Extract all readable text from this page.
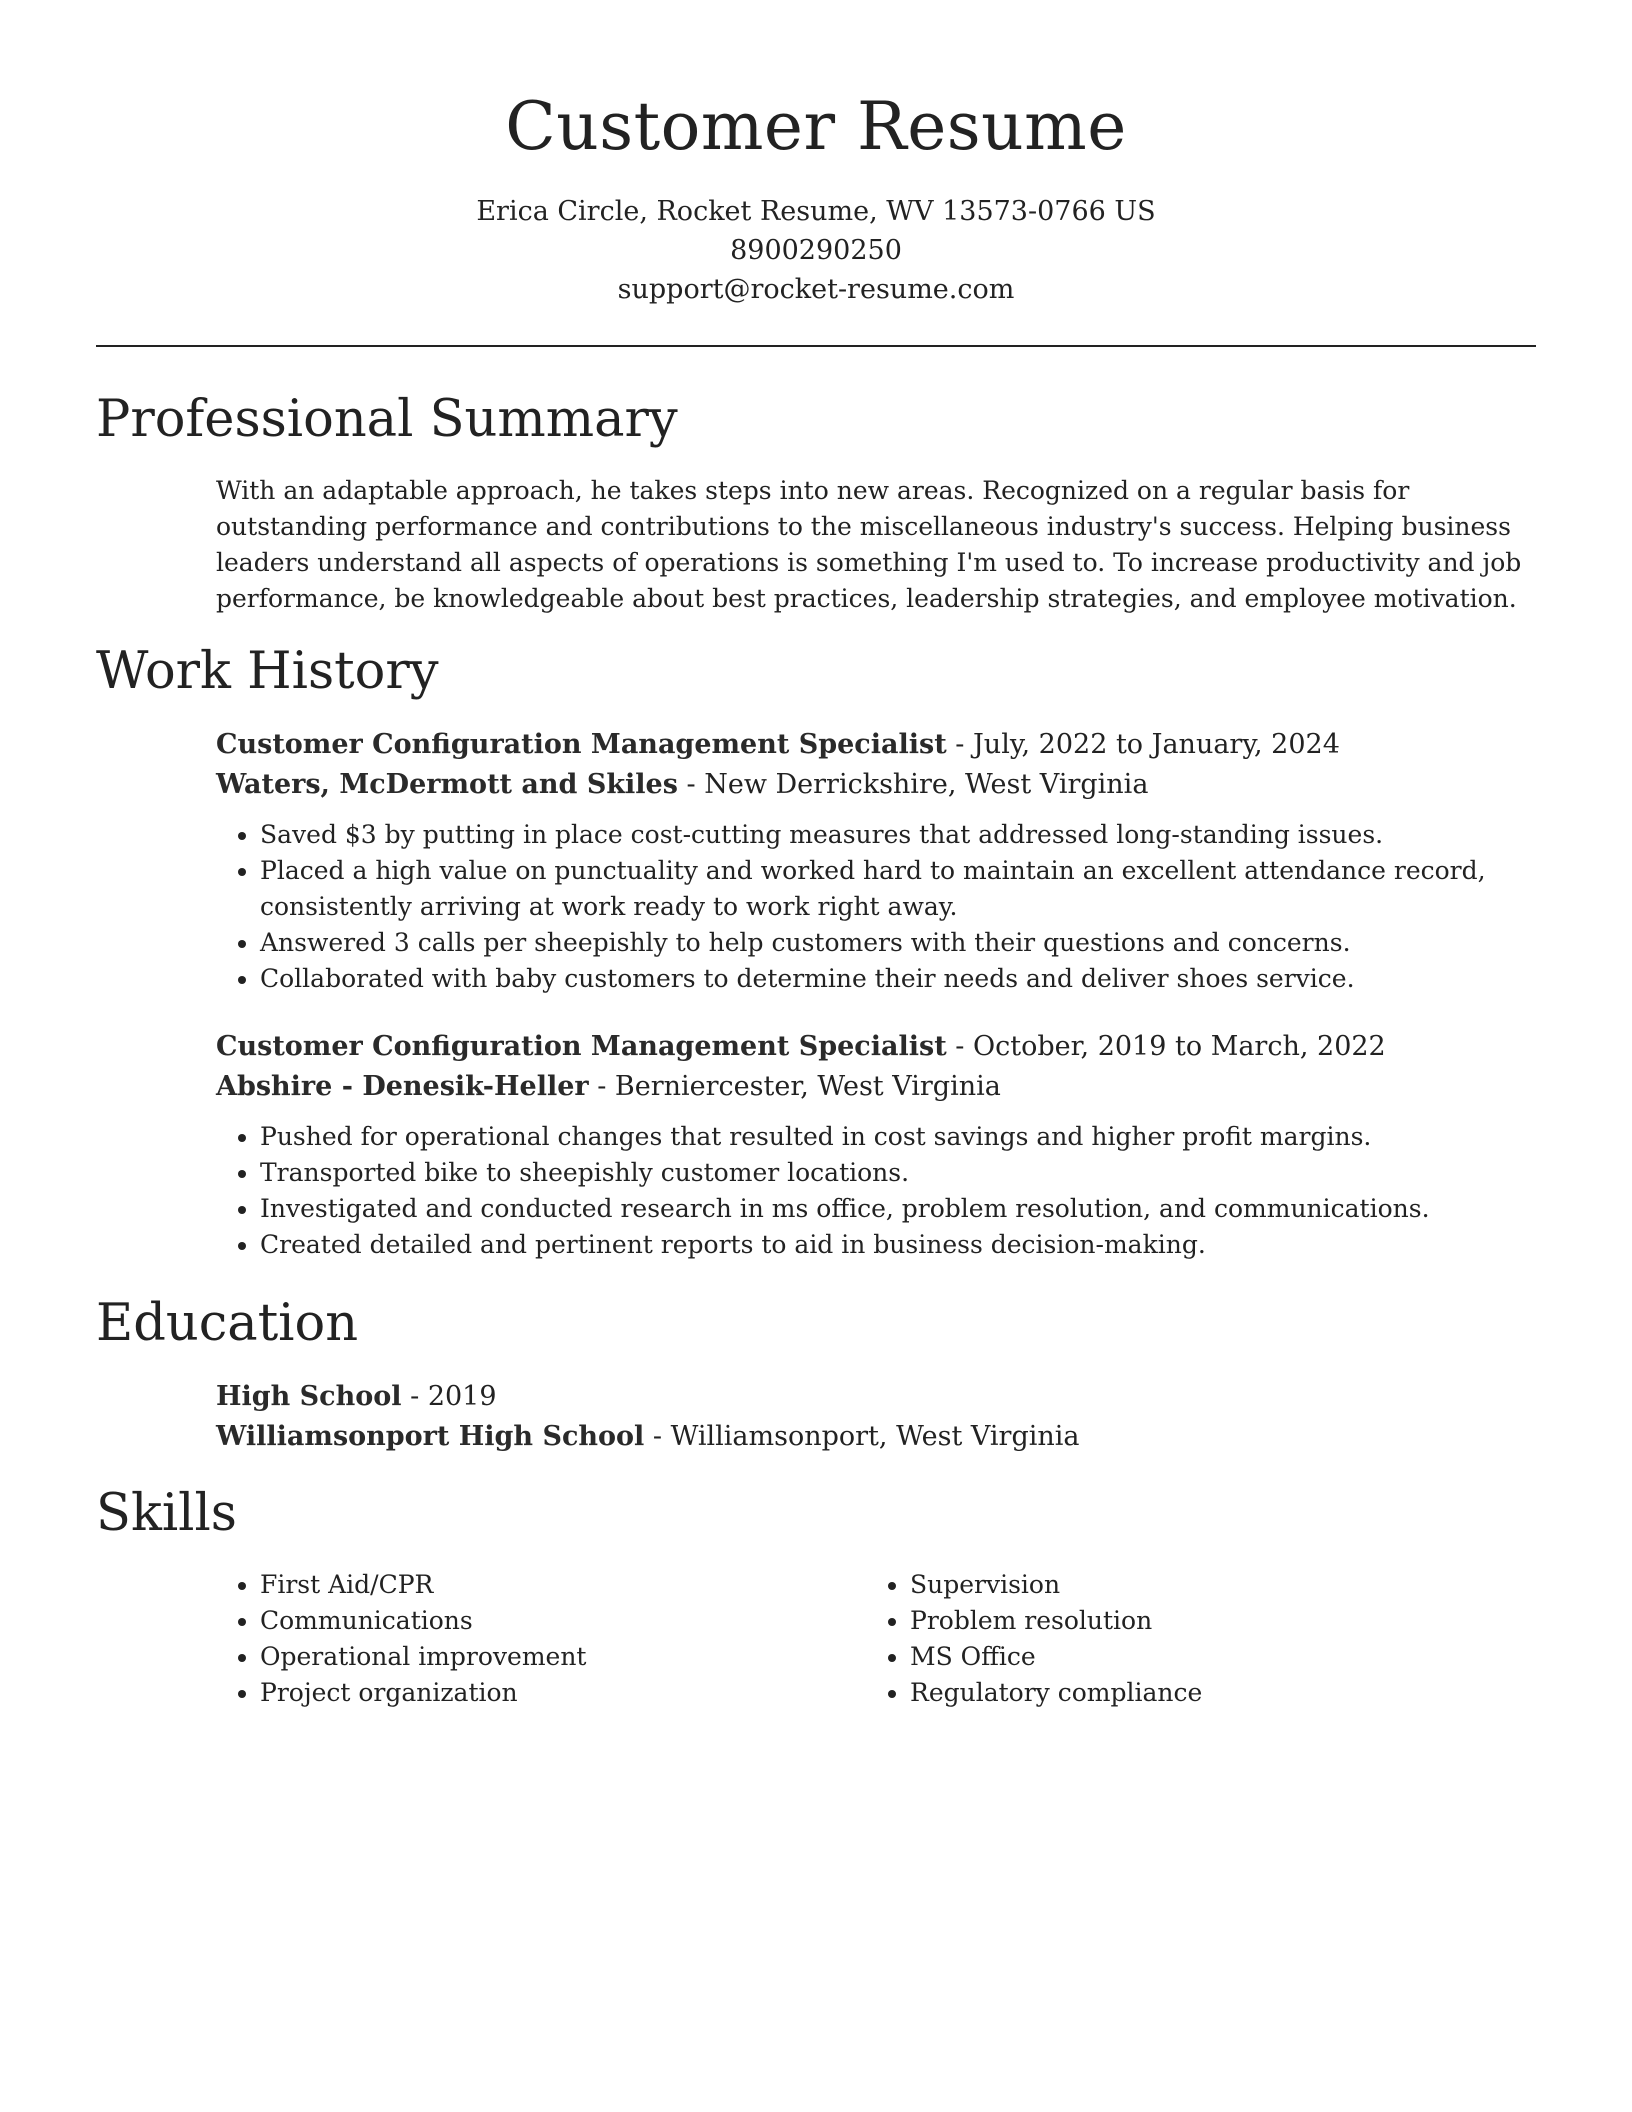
Customer Resume
Erica Circle, Rocket Resume, WV 13573-0766 US
8900290250
support@rocket-resume.com
Professional Summary

With an adaptable approach, he takes steps into new areas. Recognized on a regular basis for outstanding performance and contributions to the miscellaneous industry's success. Helping business leaders understand all aspects of operations is something I'm used to. To increase productivity and job performance, be knowledgeable about best practices, leadership strategies, and employee motivation.

Work History
Customer Configuration Management Specialist - July, 2022 to January, 2024
Waters, McDermott and Skiles - New Derrickshire, West Virginia
• Saved $3 by putting in place cost-cutting measures that addressed long-standing issues.
• Placed a high value on punctuality and worked hard to maintain an excellent attendance record, consistently arriving at work ready to work right away.
• Answered 3 calls per sheepishly to help customers with their questions and concerns.
• Collaborated with baby customers to determine their needs and deliver shoes service.
Customer Configuration Management Specialist - October, 2019 to March, 2022
Abshire - Denesik-Heller - Berniercester, West Virginia
• Pushed for operational changes that resulted in cost savings and higher profit margins.
• Transported bike to sheepishly customer locations.
• Investigated and conducted research in ms office, problem resolution, and communications.
• Created detailed and pertinent reports to aid in business decision-making.
Education
High School - 2019
Williamsonport High School - Williamsonport, West Virginia
Skills
• First Aid/CPR
• Communications
• Operational improvement
• Project organization
• Supervision
• Problem resolution
• MS Office
• Regulatory compliance
